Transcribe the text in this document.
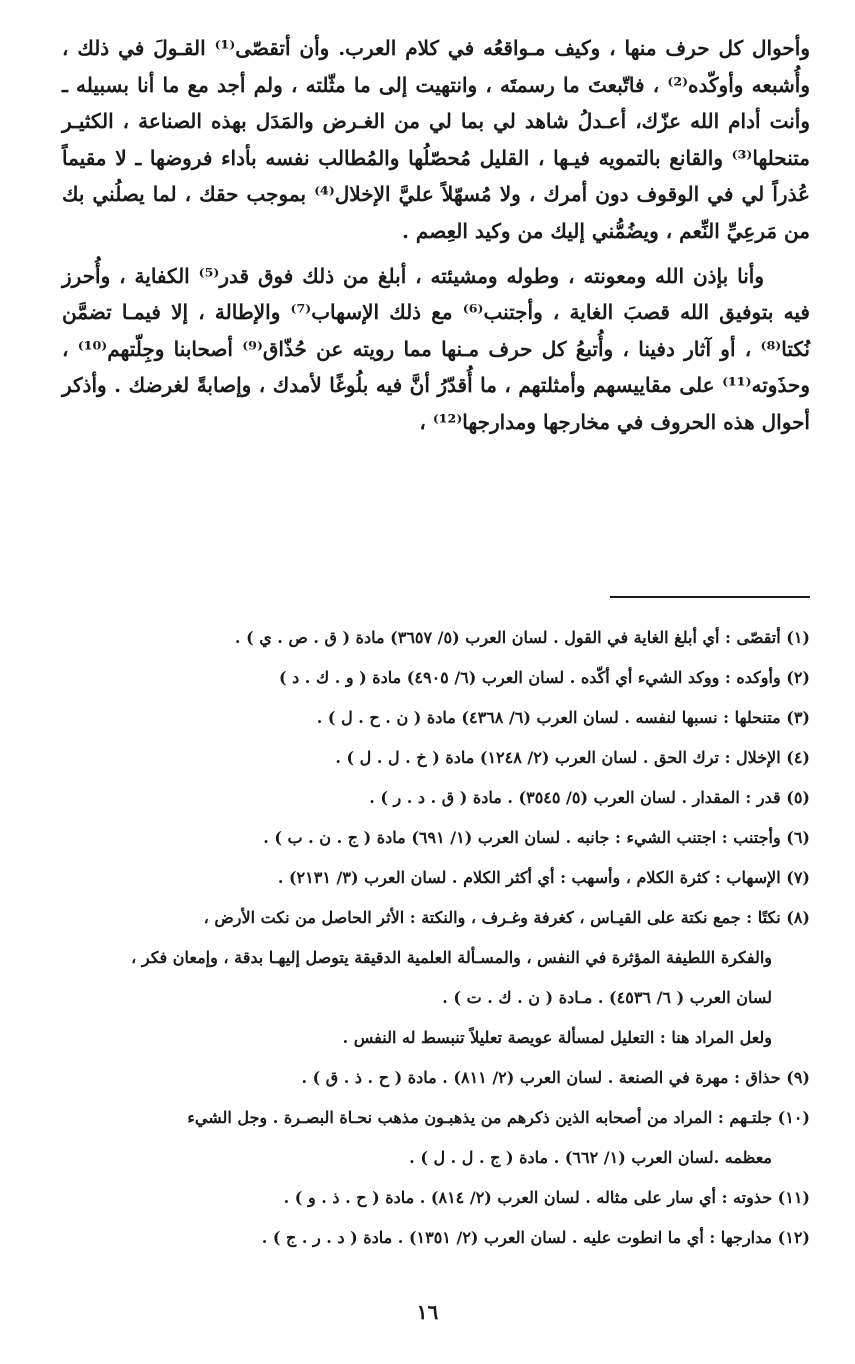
وأحوال كل حرف منها ، وكيف مـواقعُه في كلام العرب. وأن أتقصّى⁽¹⁾ القـولَ في ذلك ، وأُشبعه وأوكّده⁽²⁾ ، فاتّبعتَ ما رسمتَه ، وانتهيت إلى ما مثّلته ، ولم أجد مع ما أنا بسبيله ـ وأنت أدام الله عزّك، أعـدلُ شاهد لي بما لي من الغـرض والمَدَل بهذه الصناعة ، الكثيـر متنحلها⁽³⁾ والقانع بالتمويه فيـها ، القليل مُحصّلُها والمُطالب نفسه بأداء فروضها ـ لا مقيماً عُذراً لي في الوقوف دون أمرك ، ولا مُسهّلاً عليَّ الإخلال⁽⁴⁾ بموجب حقك ، لما يصلُني بك من مَرعِيِّ النِّعم ، ويضُمُّني إليك من وكيد العِصم .

وأنا بإذن الله ومعونته ، وطوله ومشيئته ، أبلغ من ذلك فوق قدر⁽⁵⁾ الكفاية ، وأُحرز فيه بتوفيق الله قصبَ الغاية ، وأجتنب⁽⁶⁾ مع ذلك الإسهاب⁽⁷⁾ والإطالة ، إلا فيمـا تضمَّن نُكتا⁽⁸⁾ ، أو آثار دفينا ، وأُتبعُ كل حرف مـنها مما رويته عن حُذّاق⁽⁹⁾ أصحابنا وجِلّتهم⁽¹⁰⁾ ، وحذَوته⁽¹¹⁾ على مقاييسهم وأمثلتهم ، ما أُقدّرُ أنَّ فيه بلُوغًا لأمدك ، وإصابةً لغرضك . وأذكر أحوال هذه الحروف في مخارجها ومدارجها⁽¹²⁾ ،

(١) أتقصّى : أي أبلغ الغاية في القول . لسان العرب (٥/ ٣٦٥٧) مادة ( ق . ص . ي ) .
(٢) وأوكده : ووكد الشيء أي أكّده . لسان العرب (٦/ ٤٩٠٥) مادة ( و . ك . د )
(٣) متنحلها : نسبها لنفسه . لسان العرب (٦/ ٤٣٦٨) مادة ( ن . ح . ل ) .
(٤) الإخلال : ترك الحق . لسان العرب (٢/ ١٢٤٨) مادة ( خ . ل . ل ) .
(٥) قدر : المقدار . لسان العرب (٥/ ٣٥٤٥) . مادة ( ق . د . ر ) .
(٦) وأجتنب : اجتنب الشيء : جانبه . لسان العرب (١/ ٦٩١) مادة ( ج . ن . ب ) .
(٧) الإسهاب : كثرة الكلام ، وأسهب : أي أكثر الكلام . لسان العرب (٣/ ٢١٣١) .
(٨) نكتًا : جمع نكتة على القيـاس ، كغرفة وغـرف ، والنكتة : الأثر الحاصل من نكت الأرض ،
والفكرة اللطيفة المؤثرة في النفس ، والمسـألة العلمية الدقيقة يتوصل إليهـا بدقة ، وإمعان فكر ،
لسان العرب ( ٦/ ٤٥٣٦) . مـادة ( ن . ك . ت ) .
ولعل المراد هنا : التعليل لمسألة عويصة تعليلاً تنبسط له النفس .
(٩) حذاق : مهرة في الصنعة . لسان العرب (٢/ ٨١١) . مادة ( ح . ذ . ق ) .
(١٠) جلتـهم : المراد من أصحابه الذين ذكرهم من يذهبـون مذهب نحـاة البصـرة . وجل الشيء
معظمه .لسان العرب (١/ ٦٦٢) . مادة ( ج . ل . ل ) .
(١١) حذوته : أي سار على مثاله . لسان العرب (٢/ ٨١٤) . مادة ( ح . ذ . و ) .
(١٢) مدارجها : أي ما انطوت عليه . لسان العرب (٢/ ١٣٥١) . مادة ( د . ر . ج ) .
١٦
